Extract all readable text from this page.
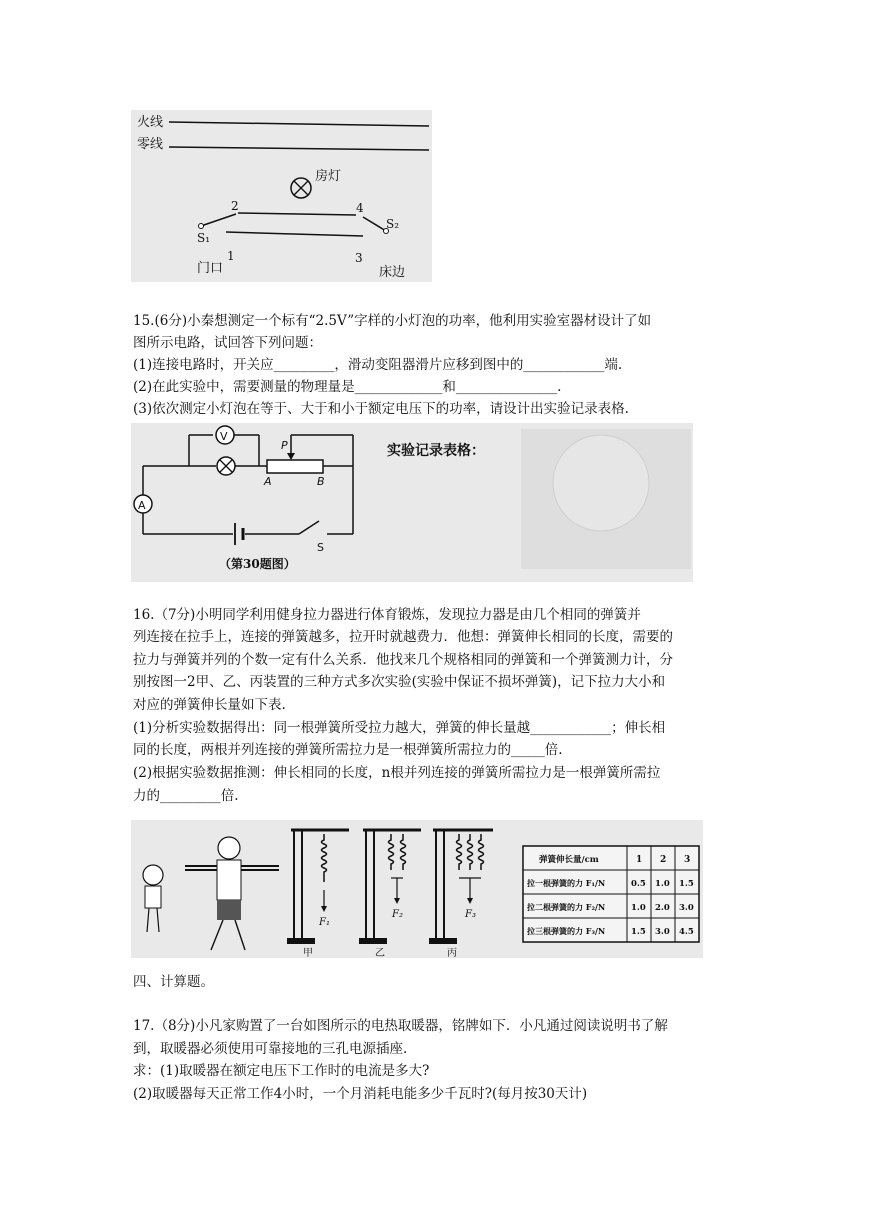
火线
零线
房灯
2	4
S₁
1
S₂
3
门口	床边
15.(6分)小秦想测定一个标有“2.5V”字样的小灯泡的功率，他利用实验室器材设计了如
图所示电路，试回答下列问题：
(1)连接电路时，开关应_________，滑动变阻器滑片应移到图中的____________端.
(2)在此实验中，需要测量的物理量是_____________和_______________.
(3)依次测定小灯泡在等于、大于和小于额定电压下的功率，请设计出实验记录表格.
V
P
A	B
A
S
（第30题图）
实验记录表格：
16.（7分)小明同学利用健身拉力器进行体育锻炼，发现拉力器是由几个相同的弹簧并
列连接在拉手上，连接的弹簧越多，拉开时就越费力．他想：弹簧伸长相同的长度，需要的
拉力与弹簧并列的个数一定有什么关系．他找来几个规格相同的弹簧和一个弹簧测力计，分
别按图一2甲、乙、丙装置的三种方式多次实验(实验中保证不损坏弹簧)，记下拉力大小和
对应的弹簧伸长量如下表.
(1)分析实验数据得出：同一根弹簧所受拉力越大，弹簧的伸长量越____________；伸长相
同的长度，两根并列连接的弹簧所需拉力是一根弹簧所需拉力的_____倍.
(2)根据实验数据推测：伸长相同的长度，n根并列连接的弹簧所需拉力是一根弹簧所需拉
力的_________倍.
F₁
F₂	F₃
甲	乙	丙
弹簧伸长量/cm	1 2 3
拉一根弹簧的力 F₁/N	0.5 1.0 1.5
拉二根弹簧的力 F₂/N	1.0 2.0 3.0
拉三根弹簧的力 F₃/N	1.5 3.0 4.5
四、计算题。
17.（8分)小凡家购置了一台如图所示的电热取暖器，铭牌如下．小凡通过阅读说明书了解
到，取暖器必须使用可靠接地的三孔电源插座.
求：(1)取暖器在额定电压下工作时的电流是多大?
(2)取暖器每天正常工作4小时，一个月消耗电能多少千瓦时?(每月按30天计)
